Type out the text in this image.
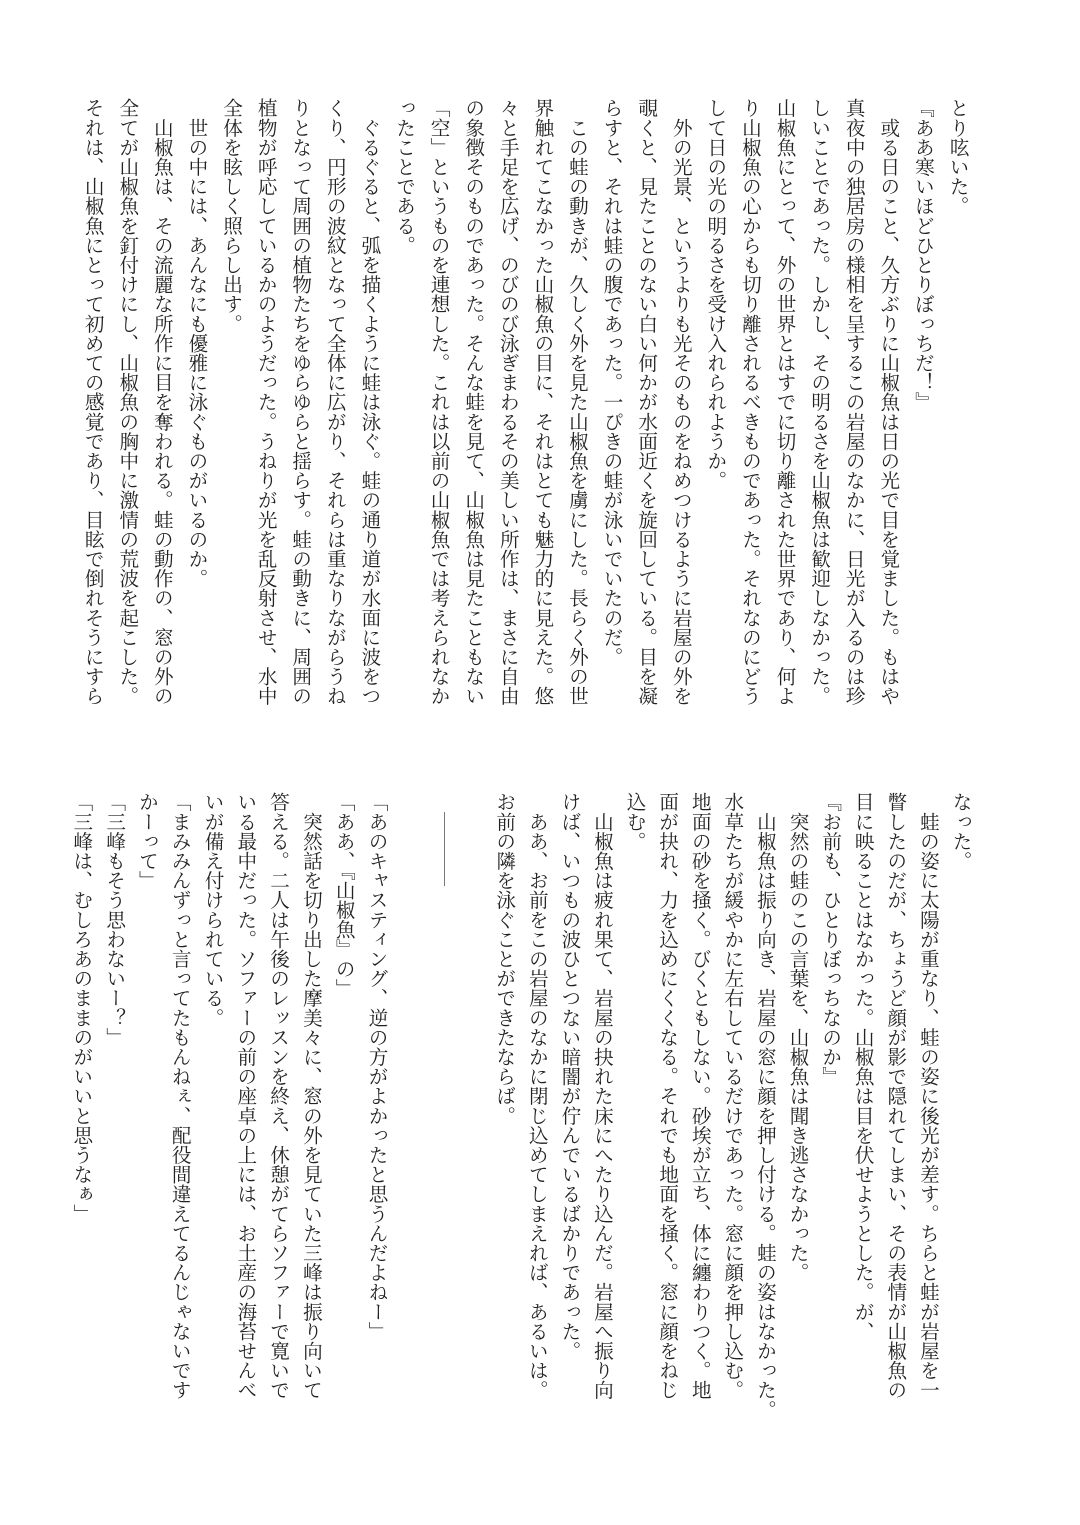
とり呟いた。
『ああ寒いほどひとりぼっちだ！』
　或る日のこと、久方ぶりに山椒魚は日の光で目を覚ました。もはや
真夜中の独居房の様相を呈するこの岩屋のなかに、日光が入るのは珍
しいことであった。しかし、その明るさを山椒魚は歓迎しなかった。
山椒魚にとって、外の世界とはすでに切り離された世界であり、何よ
り山椒魚の心からも切り離されるべきものであった。それなのにどう
して日の光の明るさを受け入れられようか。
　外の光景、というよりも光そのものをねめつけるように岩屋の外を
覗くと、見たことのない白い何かが水面近くを旋回している。目を凝
らすと、それは蛙の腹であった。一ぴきの蛙が泳いでいたのだ。
　この蛙の動きが、久しく外を見た山椒魚を虜にした。長らく外の世
界触れてこなかった山椒魚の目に、それはとても魅力的に見えた。悠
々と手足を広げ、のびのび泳ぎまわるその美しい所作は、まさに自由
の象徴そのものであった。そんな蛙を見て、山椒魚は見たこともない
「空」というものを連想した。これは以前の山椒魚では考えられなか
ったことである。
　ぐるぐると、弧を描くように蛙は泳ぐ。蛙の通り道が水面に波をつ
くり、円形の波紋となって全体に広がり、それらは重なりながらうね
りとなって周囲の植物たちをゆらゆらと揺らす。蛙の動きに、周囲の
植物が呼応しているかのようだった。うねりが光を乱反射させ、水中
全体を眩しく照らし出す。
　世の中には、あんなにも優雅に泳ぐものがいるのか。
　山椒魚は、その流麗な所作に目を奪われる。蛙の動作の、窓の外の
全てが山椒魚を釘付けにし、山椒魚の胸中に激情の荒波を起こした。
それは、山椒魚にとって初めての感覚であり、目眩で倒れそうにすら
なった。
　蛙の姿に太陽が重なり、蛙の姿に後光が差す。ちらと蛙が岩屋を一
瞥したのだが、ちょうど顔が影で隠れてしまい、その表情が山椒魚の
目に映ることはなかった。山椒魚は目を伏せようとした。が、
『お前も、ひとりぼっちなのか』
　突然の蛙のこの言葉を、山椒魚は聞き逃さなかった。
　山椒魚は振り向き、岩屋の窓に顔を押し付ける。蛙の姿はなかった。
水草たちが緩やかに左右しているだけであった。窓に顔を押し込む。
地面の砂を掻く。びくともしない。砂埃が立ち、体に纏わりつく。地
面が抉れ、力を込めにくくなる。それでも地面を掻く。窓に顔をねじ
込む。
　山椒魚は疲れ果て、岩屋の抉れた床にへたり込んだ。岩屋へ振り向
けば、いつもの波ひとつない暗闇が佇んでいるばかりであった。
　ああ、お前をこの岩屋のなかに閉じ込めてしまえれば、あるいは。
お前の隣を泳ぐことができたならば。
「あのキャスティング、逆の方がよかったと思うんだよねー」
「ああ、『山椒魚』の」
　突然話を切り出した摩美々に、窓の外を見ていた三峰は振り向いて
答える。二人は午後のレッスンを終え、休憩がてらソファーで寛いで
いる最中だった。ソファーの前の座卓の上には、お土産の海苔せんべ
いが備え付けられている。
「まみみんずっと言ってたもんねぇ、配役間違えてるんじゃないです
かーって」
「三峰もそう思わないー？」
「三峰は、むしろあのままのがいいと思うなぁ」
